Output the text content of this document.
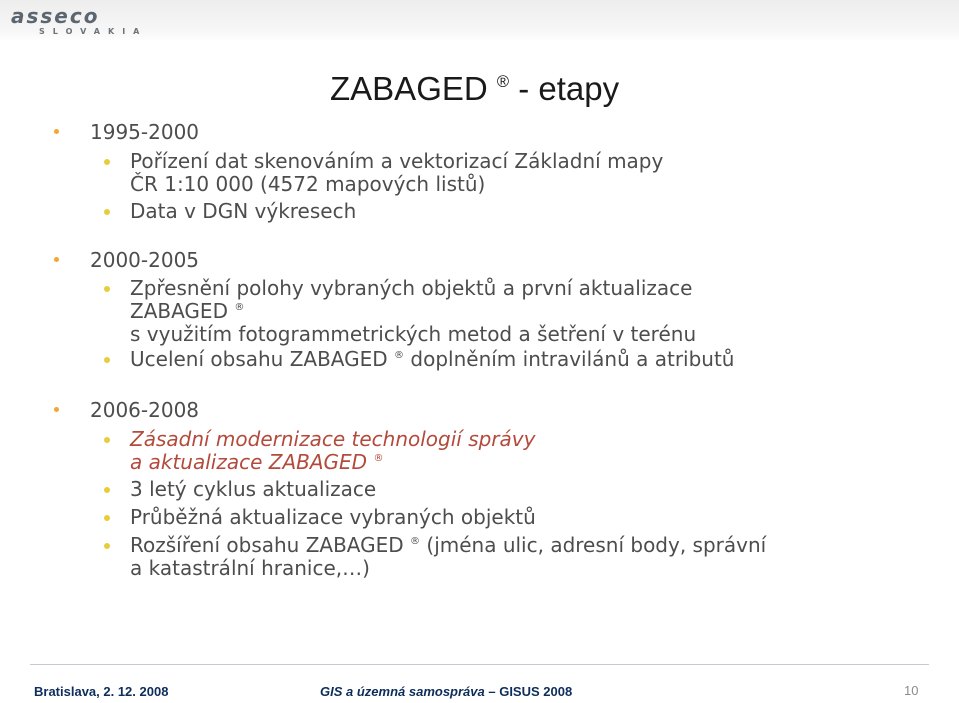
asseco
SLOVAKIA
ZABAGED ® - etapy
1995-2000
Pořízení dat skenováním a vektorizací Základní mapy
ČR 1:10 000 (4572 mapových listů)
Data v DGN výkresech
2000-2005
Zpřesnění polohy vybraných objektů a první aktualizace
ZABAGED ®
s využitím fotogrammetrických metod a šetření v terénu
Ucelení obsahu ZABAGED ® doplněním intravilánů a atributů
2006-2008
Zásadní modernizace technologií správy
a aktualizace ZABAGED ®
3 letý cyklus aktualizace
Průběžná aktualizace vybraných objektů
Rozšíření obsahu ZABAGED ® (jména ulic, adresní body, správní
a katastrální hranice,…)
Bratislava, 2. 12. 2008	GIS a územná samospráva – GISUS 2008	10
